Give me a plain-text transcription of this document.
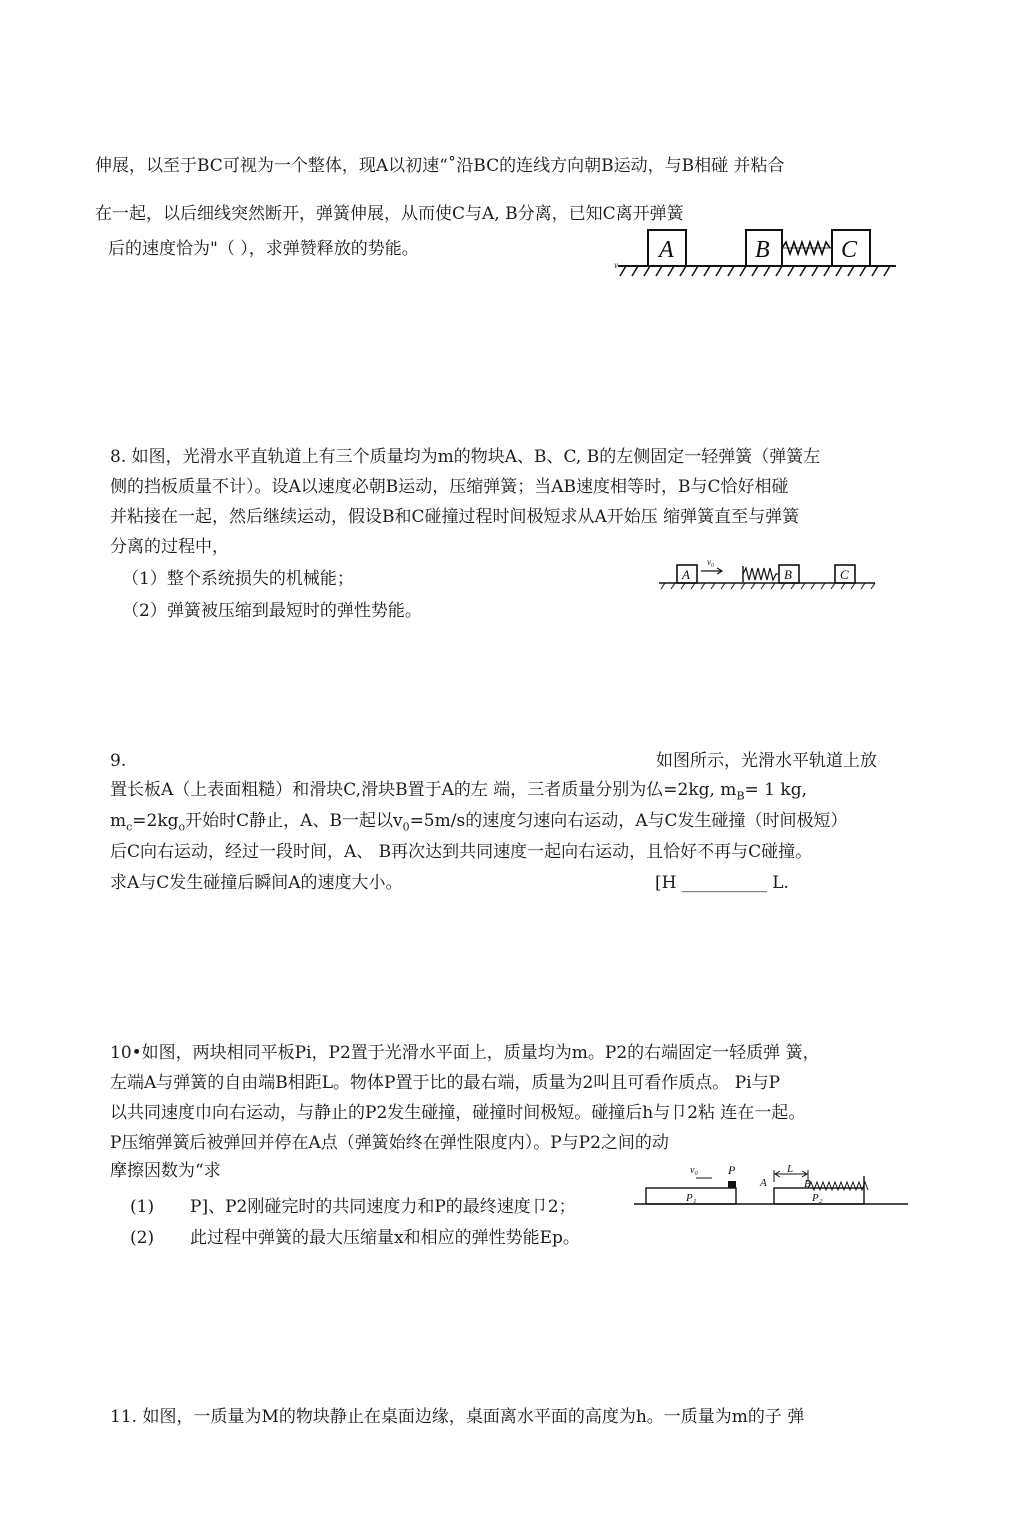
伸展，以至于BC可视为一个整体，现A以初速“˚沿BC的连线方向朝B运动，与B相碰 并粘合
在一起，以后细线突然断开，弹簧伸展，从而使C与A, B分离，已知C离开弹簧
后的速度恰为"（ ），求弹赞释放的势能。	A	B	C
v
8. 如图，光滑水平直轨道上有三个质量均为m的物块A、B、C, B的左侧固定一轻弹簧（弹簧左
侧的挡板质量不计）。设A以速度必朝B运动，压缩弹簧；当AB速度相等时，B与C恰好相碰
并粘接在一起，然后继续运动，假设B和C碰撞过程时间极短求从A开始压 缩弹簧直至与弹簧
分离的过程中，
（1）整个系统损失的机械能；
（2）弹簧被压缩到最短时的弹性势能。
A	B	C
v₀
9.	如图所示，光滑水平轨道上放
置长板A（上表面粗糙）和滑块C,滑块B置于A的左 端，三者质量分别为仏=2kg, $m_B= 1$ kg,
$m_c=2kg_o$开始时C静止，A、B一起以$v_0=5m/s$的速度匀速向右运动，A与C发生碰撞（时间极短）
后C向右运动，经过一段时间，A、 B再次达到共同速度一起向右运动，且恰好不再与C碰撞。
求A与C发生碰撞后瞬间A的速度大小。	[H __________ L.
10•如图，两块相同平板Pi，P2置于光滑水平面上，质量均为m。P2的右端固定一轻质弹 簧，
左端A与弹簧的自由端B相距L。物体P置于比的最右端，质量为2叫且可看作质点。 Pi与P
以共同速度巾向右运动，与静止的P2发生碰撞，碰撞时间极短。碰撞后h与卩2粘 连在一起。
P压缩弹簧后被弹回并停在A点（弹簧始终在弹性限度内）。P与P2之间的动
摩擦因数为“求
(1) P]、P2刚碰完时的共同速度力和P的最终速度卩2；
(2) 此过程中弹簧的最大压缩量x和相应的弹性势能Ep。
v₀	P
P₁
A
L
B
P₂
11. 如图，一质量为M的物块静止在桌面边缘，桌面离水平面的高度为h。一质量为m的子 弹
